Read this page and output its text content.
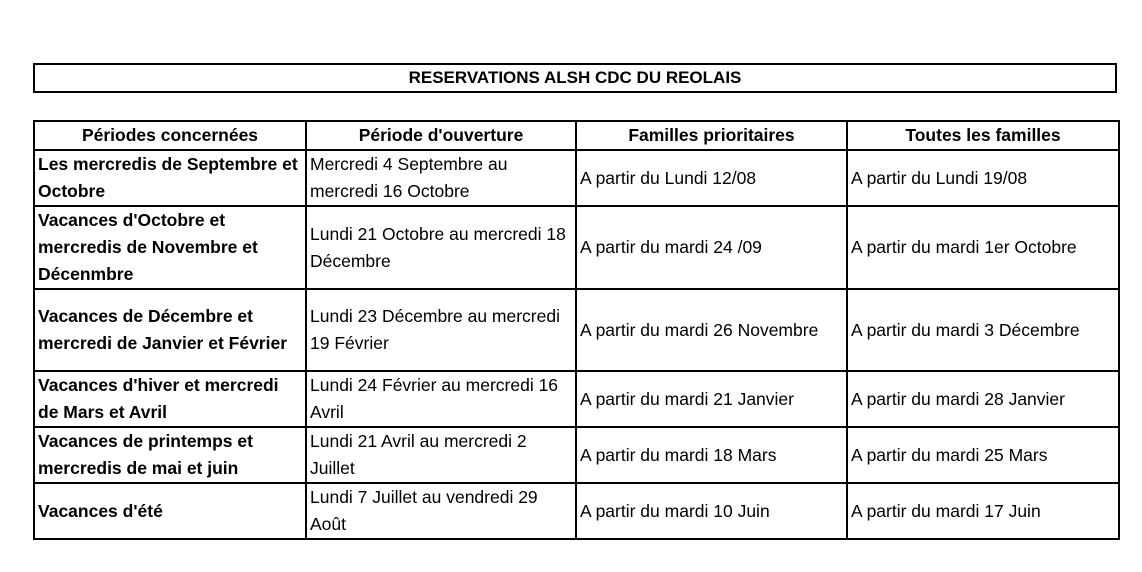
RESERVATIONS ALSH CDC DU REOLAIS
Périodes concernées	Période d'ouverture	Familles prioritaires	Toutes les familles
Les mercredis de Septembre et Octobre	Mercredi 4 Septembre au mercredi 16 Octobre	A partir du Lundi 12/08	A partir du Lundi 19/08
Vacances d'Octobre et mercredis de Novembre et Décenmbre	Lundi 21 Octobre au mercredi 18 Décembre	A partir du mardi 24 /09	A partir du mardi 1er Octobre
Vacances de Décembre et mercredi de Janvier et Février	Lundi 23 Décembre au mercredi 19 Février	A partir du mardi 26 Novembre	A partir du mardi 3 Décembre
Vacances d'hiver et mercredi de Mars et Avril	Lundi 24 Février au mercredi 16 Avril	A partir du mardi 21 Janvier	A partir du mardi 28 Janvier
Vacances de printemps et mercredis de mai et juin	Lundi 21 Avril au mercredi 2 Juillet	A partir du mardi 18 Mars	A partir du mardi 25 Mars
Vacances d'été	Lundi 7 Juillet au vendredi 29 Août	A partir du mardi 10 Juin	A partir du mardi 17 Juin
